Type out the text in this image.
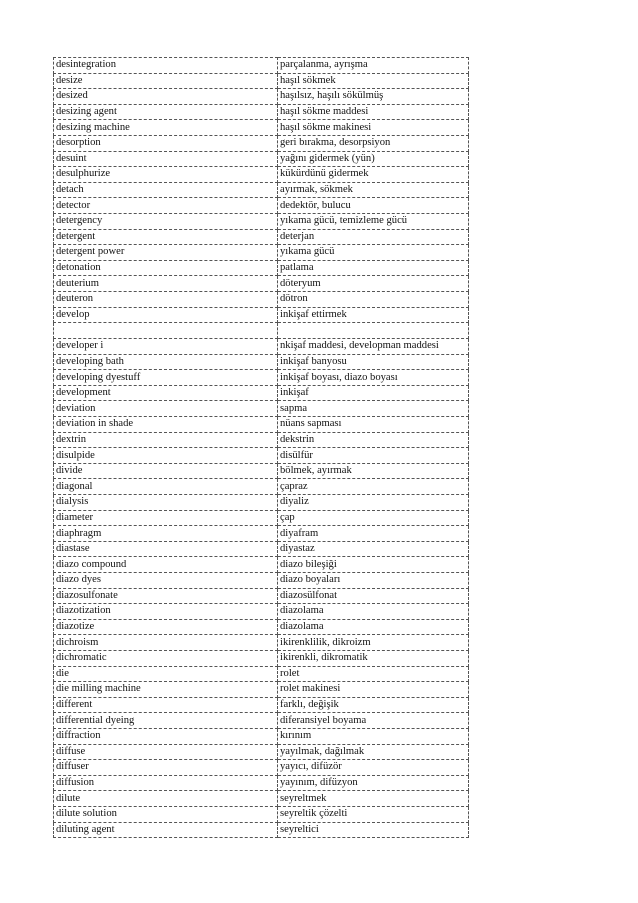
desintegration	parçalanma, ayrışma
desize	haşıl sökmek
desized	haşılsız, haşılı sökülmüş
desizing agent	haşıl sökme maddesi
desizing machine	haşıl sökme makinesi
desorption	geri bırakma, desorpsiyon
desuint	yağını gidermek (yün)
desulphurize	kükürdünü gidermek
detach	ayırmak, sökmek
detector	dedektör, bulucu
detergency	yıkama gücü, temizleme gücü
detergent	deterjan
detergent power	yıkama gücü
detonation	patlama
deuterium	döteryum
deuteron	dötron
develop	inkişaf ettirmek

developer i	nkişaf maddesi, developman maddesi
developing bath	inkişaf banyosu
developing dyestuff	inkişaf boyası, diazo boyası
development	inkişaf
deviation	sapma
deviation in shade	nüans sapması
dextrin	dekstrin
disulpide	disülfür
divide	bölmek, ayırmak
diagonal	çapraz
dialysis	diyaliz
diameter	çap
diaphragm	diyafram
diastase	diyastaz
diazo compound	diazo bileşiği
diazo dyes	diazo boyaları
diazosulfonate	diazosülfonat
diazotization	diazolama
diazotize	diazolama
dichroism	ikirenklilik, dikroizm
dichromatic	ikirenkli, dikromatik
die	rolet
die milling machine	rolet makinesi
different	farklı, değişik
differential dyeing	diferansiyel boyama
diffraction	kırınım
diffuse	yayılmak, dağılmak
diffuser	yayıcı, difüzör
diffusion	yayınım, difüzyon
dilute	seyreltmek
dilute solution	seyreltik çözelti
diluting agent	seyreltici
